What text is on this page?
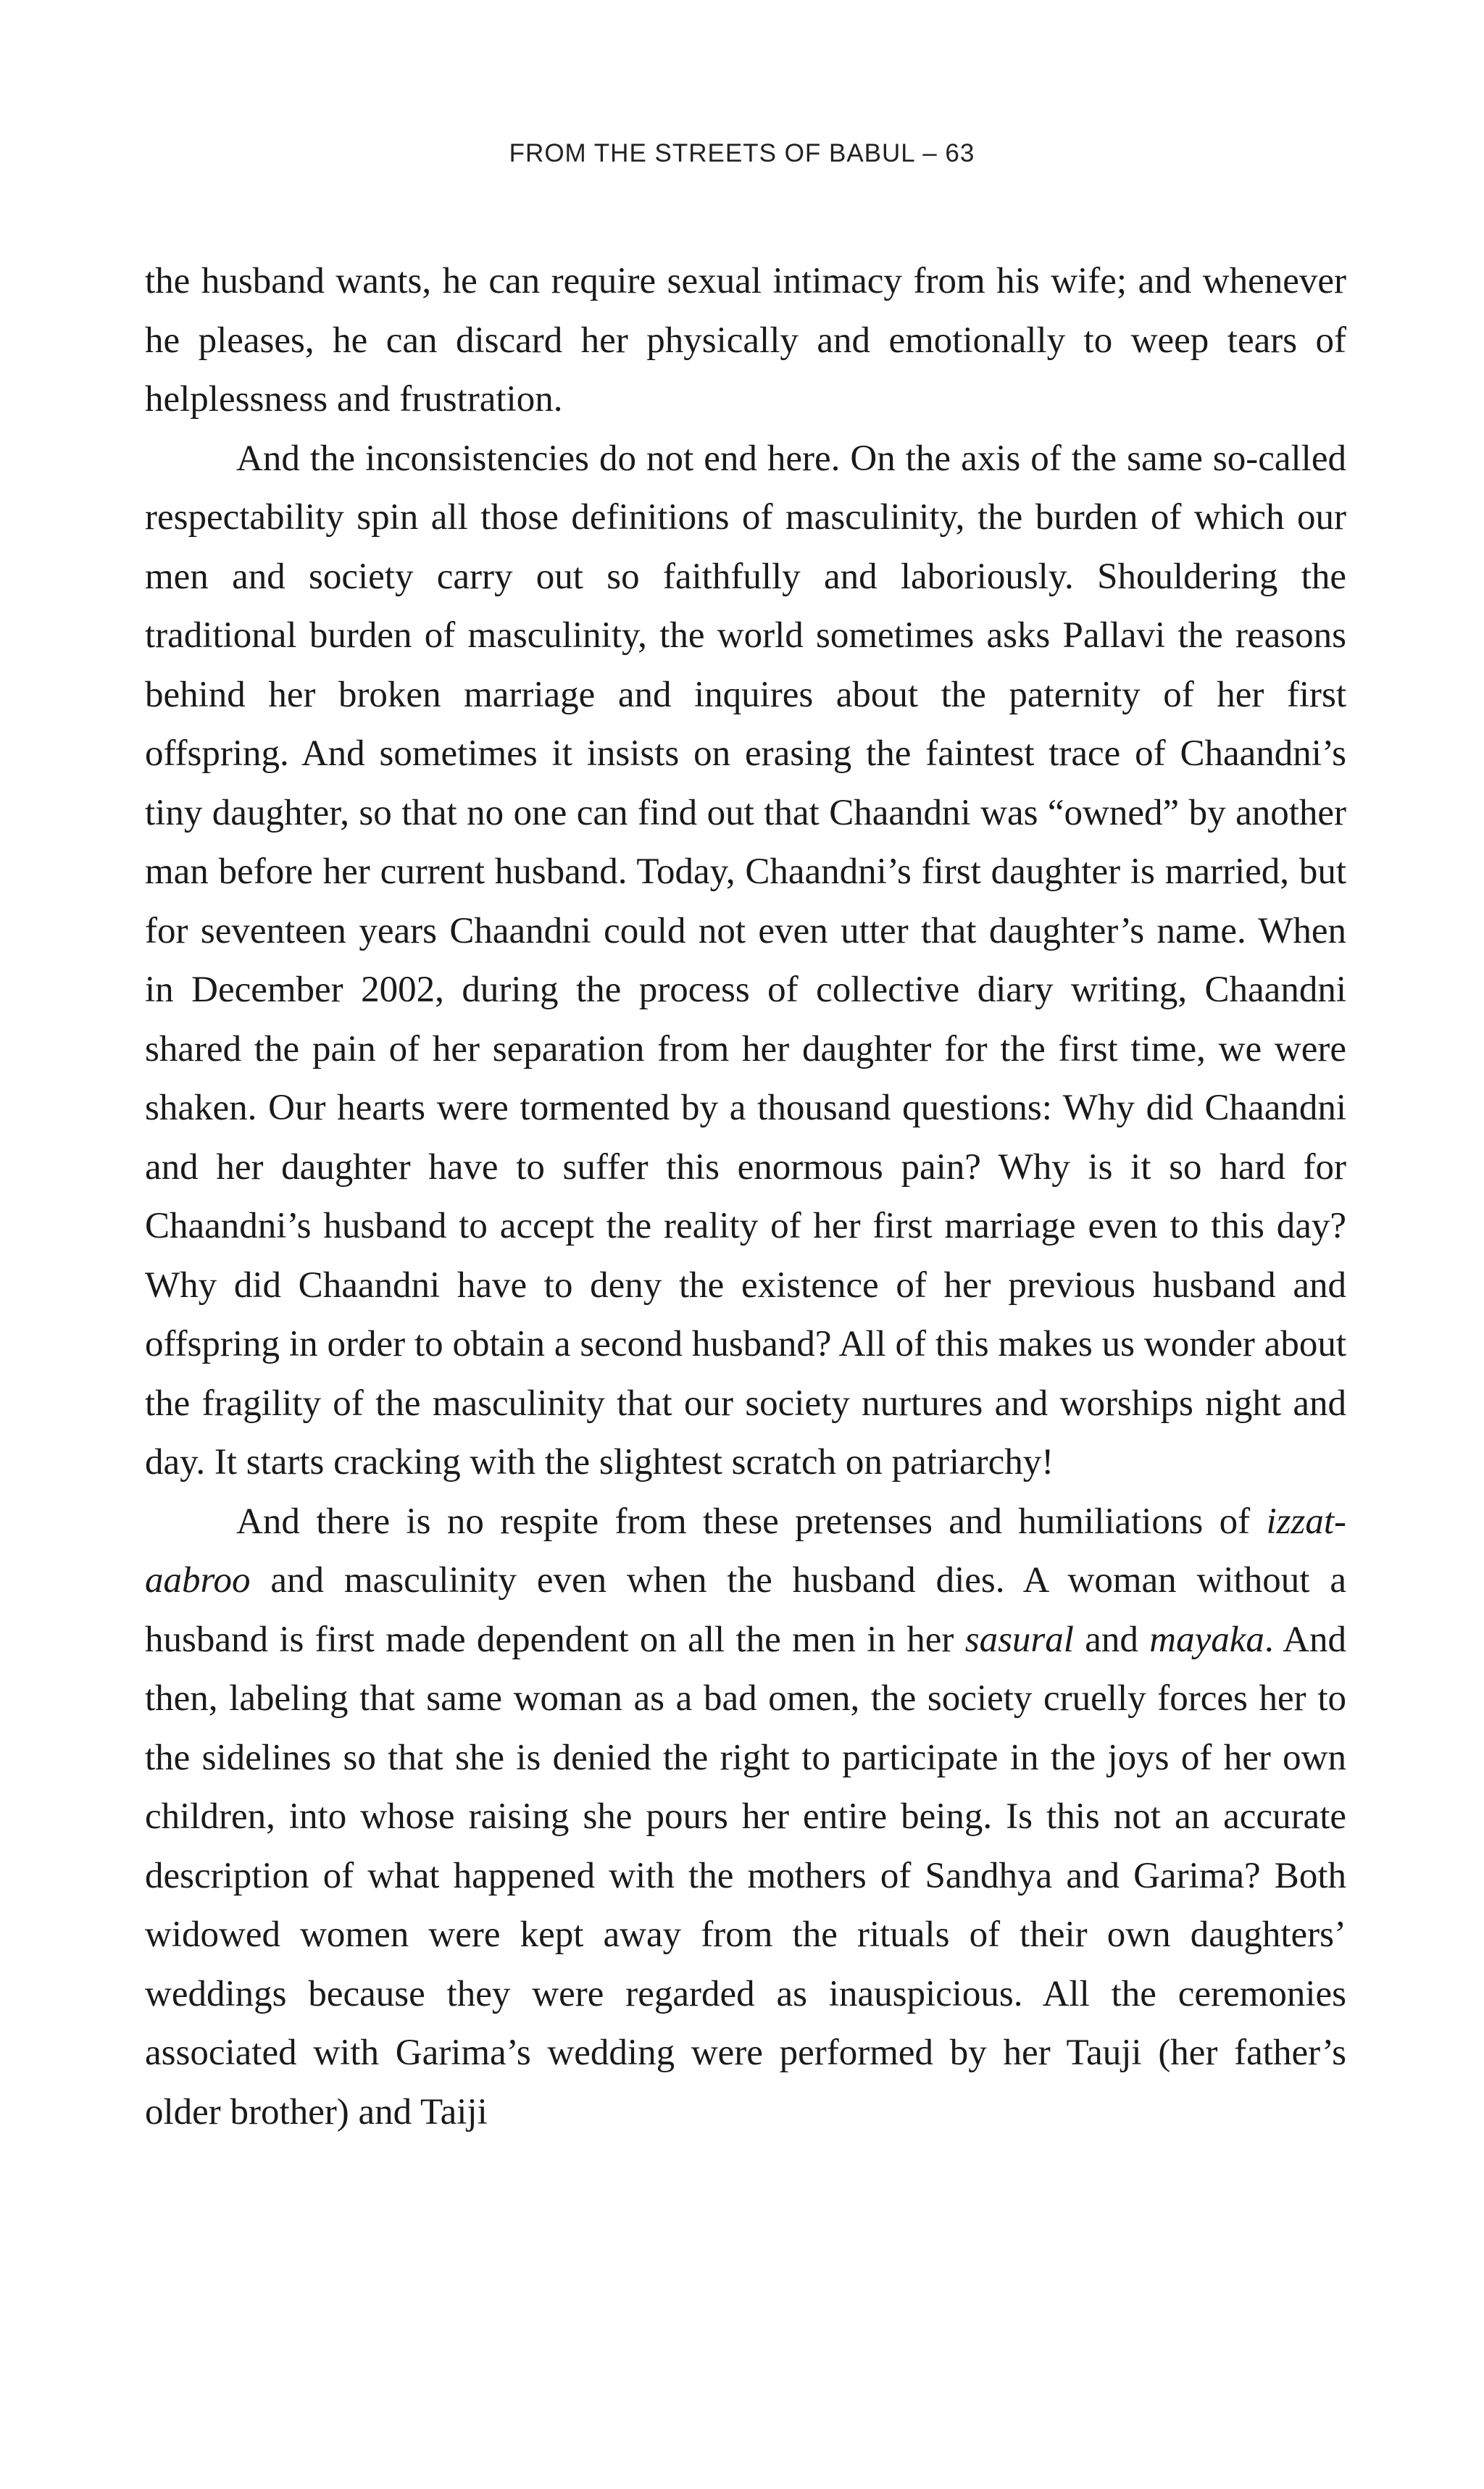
FROM THE STREETS OF BABUL – 63

the husband wants, he can require sexual intimacy from his wife; and whenever he pleases, he can discard her physically and emotionally to weep tears of helplessness and frustration.

And the inconsistencies do not end here. On the axis of the same so-called respectability spin all those definitions of masculinity, the burden of which our men and society carry out so faithfully and laboriously. Shouldering the traditional burden of masculinity, the world sometimes asks Pallavi the reasons behind her broken marriage and inquires about the paternity of her first offspring. And sometimes it insists on erasing the faintest trace of Chaandni’s tiny daughter, so that no one can find out that Chaandni was “owned” by another man before her current husband. Today, Chaandni’s first daughter is married, but for seventeen years Chaandni could not even utter that daughter’s name. When in December 2002, during the process of collective diary writing, Chaandni shared the pain of her separation from her daughter for the first time, we were shaken. Our hearts were tormented by a thousand questions: Why did Chaandni and her daughter have to suffer this enormous pain? Why is it so hard for Chaandni’s husband to accept the reality of her first marriage even to this day? Why did Chaandni have to deny the existence of her previous husband and offspring in order to obtain a second husband? All of this makes us wonder about the fragility of the masculinity that our society nurtures and worships night and day. It starts cracking with the slightest scratch on patriarchy!

And there is no respite from these pretenses and humiliations of izzat-aabroo and masculinity even when the husband dies. A woman without a husband is first made dependent on all the men in her sasural and mayaka. And then, labeling that same woman as a bad omen, the society cruelly forces her to the sidelines so that she is denied the right to participate in the joys of her own children, into whose raising she pours her entire being. Is this not an accurate description of what happened with the mothers of Sandhya and Garima? Both widowed women were kept away from the rituals of their own daughters’ weddings because they were regarded as inauspicious. All the ceremonies associated with Garima’s wedding were performed by her Tauji (her father’s older brother) and Taiji
